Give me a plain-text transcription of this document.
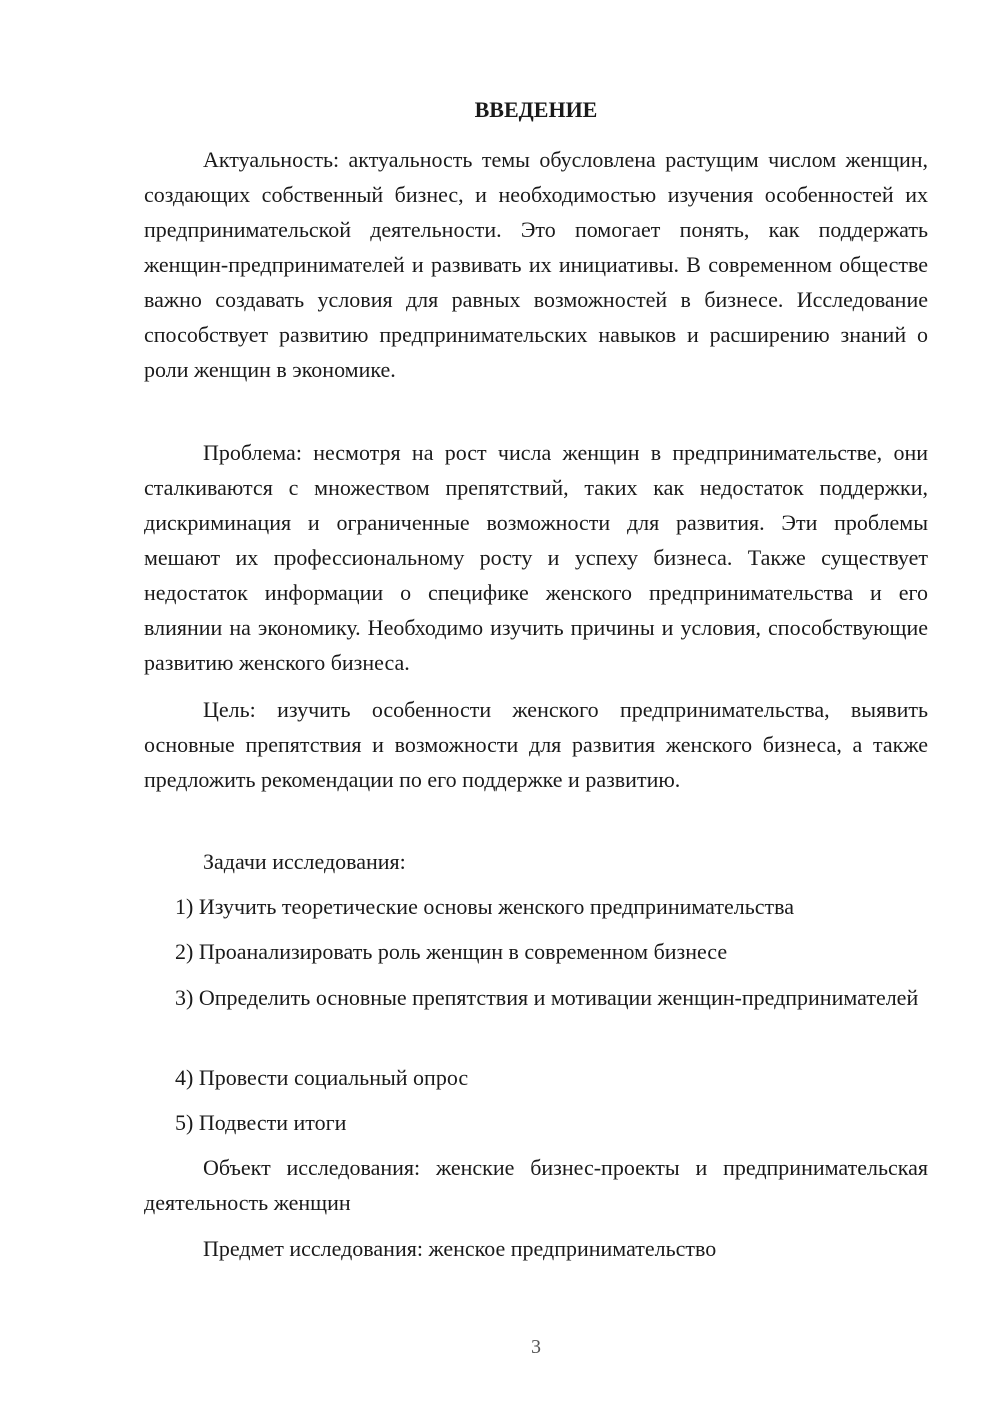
ВВЕДЕНИЕ

Актуальность: актуальность темы обусловлена растущим числом женщин, создающих собственный бизнес, и необходимостью изучения особенностей их предпринимательской деятельности. Это помогает понять, как поддержать женщин-предпринимателей и развивать их инициативы. В современном обществе важно создавать условия для равных возможностей в бизнесе. Исследование способствует развитию предпринимательских навыков и расширению знаний о роли женщин в экономике.

Проблема: несмотря на рост числа женщин в предпринимательстве, они сталкиваются с множеством препятствий, таких как недостаток поддержки, дискриминация и ограниченные возможности для развития. Эти проблемы мешают их профессиональному росту и успеху бизнеса. Также существует недостаток информации о специфике женского предпринимательства и его влиянии на экономику. Необходимо изучить причины и условия, способствующие развитию женского бизнеса.

Цель: изучить особенности женского предпринимательства, выявить основные препятствия и возможности для развития женского бизнеса, а также предложить рекомендации по его поддержке и развитию.

Задачи исследования:

1) Изучить теоретические основы женского предпринимательства

2) Проанализировать роль женщин в современном бизнесе

3) Определить основные препятствия и мотивации женщин-предпринимателей

4) Провести социальный опрос

5) Подвести итоги

Объект исследования: женские бизнес-проекты и предпринимательская деятельность женщин

Предмет исследования: женское предпринимательство

3
